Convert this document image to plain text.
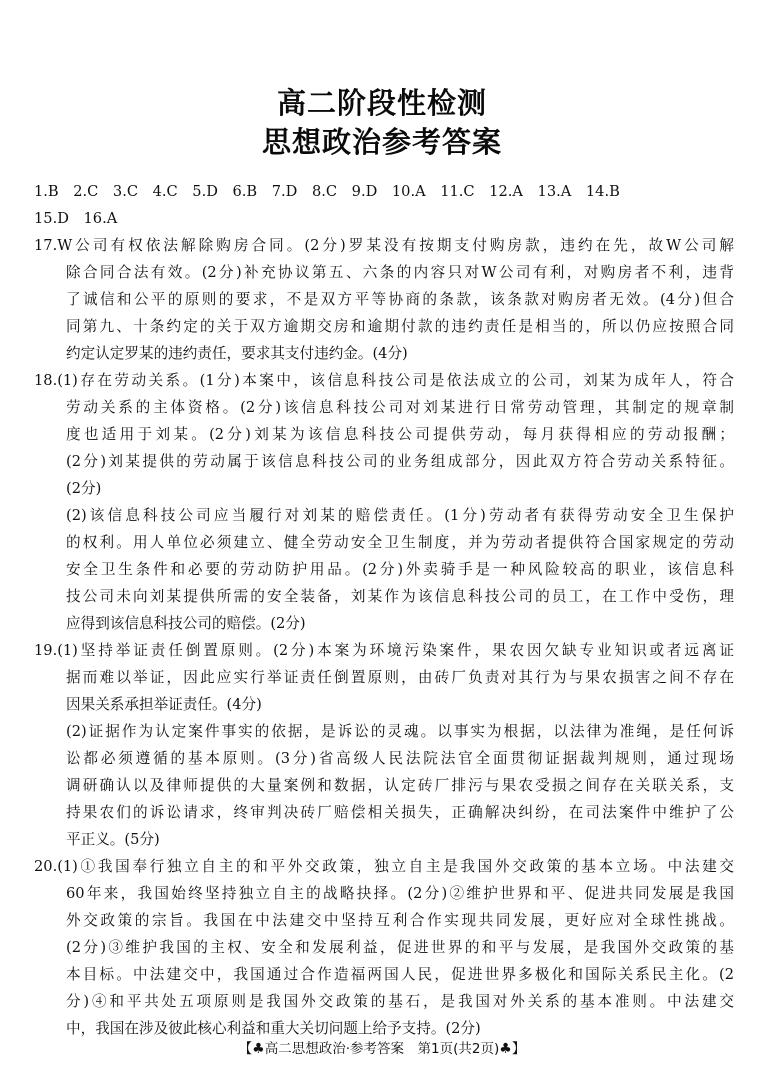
高二阶段性检测
思想政治参考答案
1.B　2.C　3.C　4.C　5.D　6.B　7.D　8.C　9.D　10.A　11.C　12.A　13.A　14.B
15.D　16.A
17.W公司有权依法解除购房合同。(2分)罗某没有按期支付购房款，违约在先，故W公司解
除合同合法有效。(2分)补充协议第五、六条的内容只对W公司有利，对购房者不利，违背
了诚信和公平的原则的要求，不是双方平等协商的条款，该条款对购房者无效。(4分)但合
同第九、十条约定的关于双方逾期交房和逾期付款的违约责任是相当的，所以仍应按照合同
约定认定罗某的违约责任，要求其支付违约金。(4分)
18.(1)存在劳动关系。(1分)本案中，该信息科技公司是依法成立的公司，刘某为成年人，符合
劳动关系的主体资格。(2分)该信息科技公司对刘某进行日常劳动管理，其制定的规章制
度也适用于刘某。(2分)刘某为该信息科技公司提供劳动，每月获得相应的劳动报酬；
(2分)刘某提供的劳动属于该信息科技公司的业务组成部分，因此双方符合劳动关系特征。
(2分)
(2)该信息科技公司应当履行对刘某的赔偿责任。(1分)劳动者有获得劳动安全卫生保护
的权利。用人单位必须建立、健全劳动安全卫生制度，并为劳动者提供符合国家规定的劳动
安全卫生条件和必要的劳动防护用品。(2分)外卖骑手是一种风险较高的职业，该信息科
技公司未向刘某提供所需的安全装备，刘某作为该信息科技公司的员工，在工作中受伤，理
应得到该信息科技公司的赔偿。(2分)
19.(1)坚持举证责任倒置原则。(2分)本案为环境污染案件，果农因欠缺专业知识或者远离证
据而难以举证，因此应实行举证责任倒置原则，由砖厂负责对其行为与果农损害之间不存在
因果关系承担举证责任。(4分)
(2)证据作为认定案件事实的依据，是诉讼的灵魂。以事实为根据，以法律为准绳，是任何诉
讼都必须遵循的基本原则。(3分)省高级人民法院法官全面贯彻证据裁判规则，通过现场
调研确认以及律师提供的大量案例和数据，认定砖厂排污与果农受损之间存在关联关系，支
持果农们的诉讼请求，终审判决砖厂赔偿相关损失，正确解决纠纷，在司法案件中维护了公
平正义。(5分)
20.(1)①我国奉行独立自主的和平外交政策，独立自主是我国外交政策的基本立场。中法建交
60年来，我国始终坚持独立自主的战略抉择。(2分)②维护世界和平、促进共同发展是我国
外交政策的宗旨。我国在中法建交中坚持互利合作实现共同发展，更好应对全球性挑战。
(2分)③维护我国的主权、安全和发展利益，促进世界的和平与发展，是我国外交政策的基
本目标。中法建交中，我国通过合作造福两国人民，促进世界多极化和国际关系民主化。(2
分)④和平共处五项原则是我国外交政策的基石，是我国对外关系的基本准则。中法建交
中，我国在涉及彼此核心利益和重大关切问题上给予支持。(2分)
【♣高二思想政治·参考答案　第1页(共2页)♣】
